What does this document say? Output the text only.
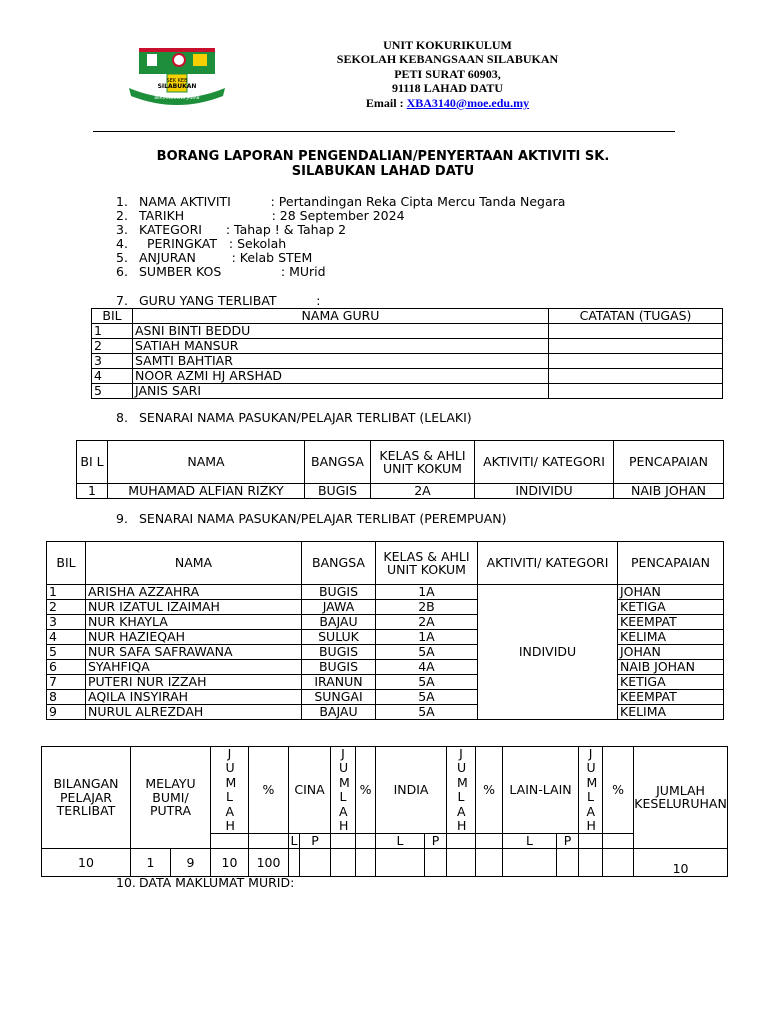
SEK KEB
SILABUKAN
BERTANGGUNG JAWAB
UNIT KOKURIKULUM
SEKOLAH KEBANGSAAN SILABUKAN
PETI SURAT 60903,
91118 LAHAD DATU
Email : XBA3140@moe.edu.my
BORANG LAPORAN PENGENDALIAN/PENYERTAAN AKTIVITI SK.
SILABUKAN LAHAD DATU
1. NAMA AKTIVITI          : Pertandingan Reka Cipta Mercu Tanda Negara
2. TARIKH                      : 28 September 2024
3. KATEGORI      : Tahap ! & Tahap 2
4.  PERINGKAT   : Sekolah
5. ANJURAN         : Kelab STEM
6. SUMBER KOS               : MUrid
7. GURU YANG TERLIBAT          :
BIL	NAMA GURU	CATATAN (TUGAS)
1	ASNI BINTI BEDDU	
2	SATIAH MANSUR	
3	SAMTI BAHTIAR	
4	NOOR AZMI HJ ARSHAD	
5	JANIS SARI	
8. SENARAI NAMA PASUKAN/PELAJAR TERLIBAT (LELAKI)
BI L	NAMA	BANGSA	KELAS & AHLI UNIT KOKUM	AKTIVITI/ KATEGORI	PENCAPAIAN
1	MUHAMAD ALFIAN RIZKY	BUGIS	2A	INDIVIDU	NAIB JOHAN
9. SENARAI NAMA PASUKAN/PELAJAR TERLIBAT (PEREMPUAN)
BIL	NAMA	BANGSA	KELAS & AHLI UNIT KOKUM	AKTIVITI/ KATEGORI	PENCAPAIAN
1	ARISHA AZZAHRA	BUGIS	1A	INDIVIDU	JOHAN
2	NUR IZATUL IZAIMAH	JAWA	2B		KETIGA
3	NUR KHAYLA	BAJAU	2A		KEEMPAT
4	NUR HAZIEQAH	SULUK	1A		KELIMA
5	NUR SAFA SAFRAWANA	BUGIS	5A		JOHAN
6	SYAHFIQA	BUGIS	4A		NAIB JOHAN
7	PUTERI NUR IZZAH	IRANUN	5A		KETIGA
8	AQILA INSYIRAH	SUNGAI	5A		KEEMPAT
9	NURUL ALREZDAH	BAJAU	5A		KELIMA
BILANGAN PELAJAR TERLIBAT	MELAYU BUMI/ PUTRA		JUMLAH	%	CINA		JUMLAH	%	INDIA		JUMLAH	%	LAIN-LAIN		JUMLAH	%	JUMLAH KESELURUHAN
					L	P			L	P			L	P			
10	1	9	10	100													10
10. DATA MAKLUMAT MURID:
